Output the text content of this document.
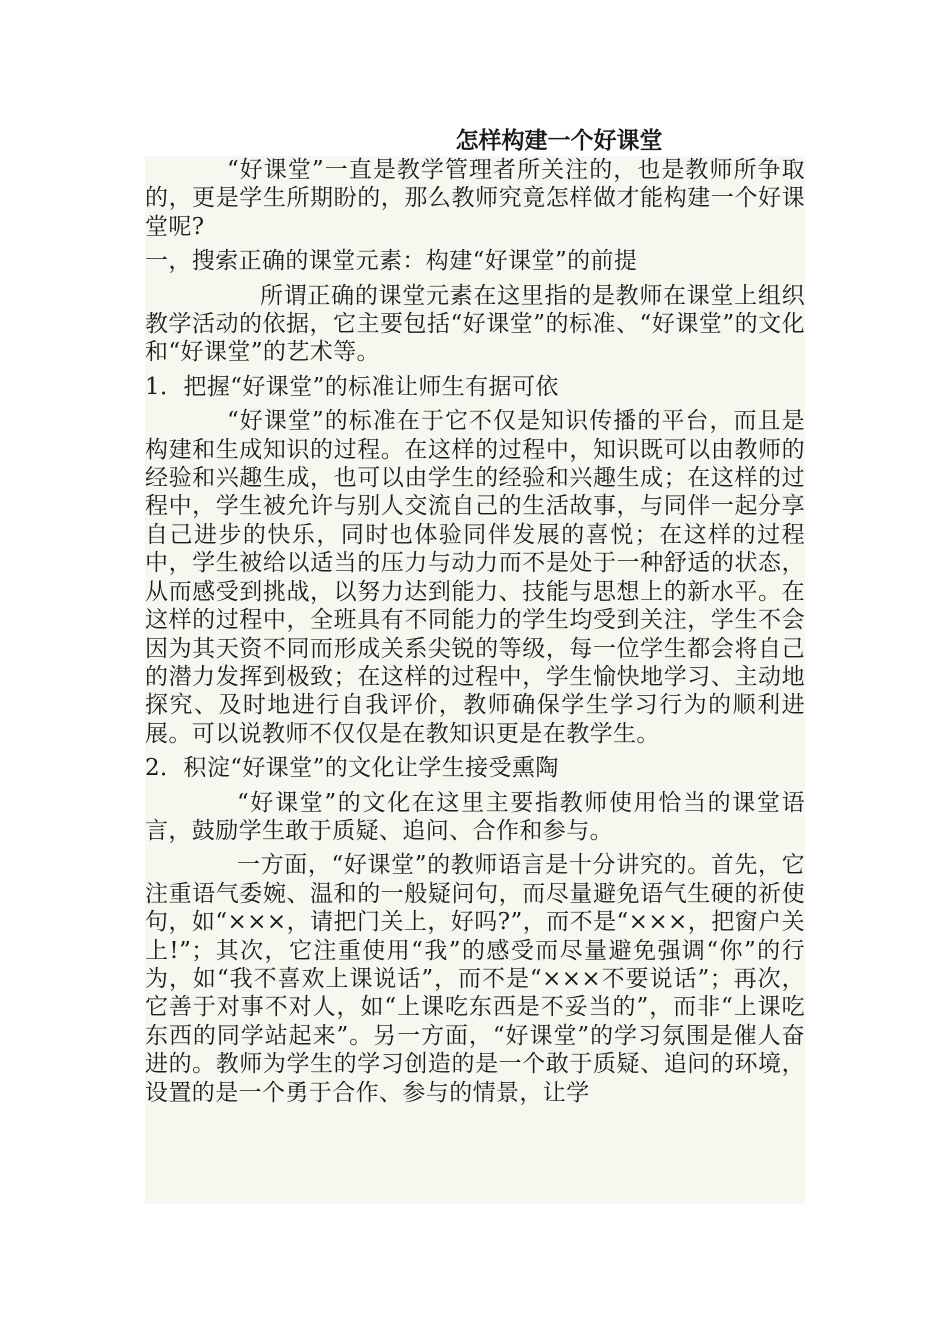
怎样构建一个好课堂

“好课堂”一直是教学管理者所关注的，也是教师所争取的，更是学生所期盼的，那么教师究竟怎样做才能构建一个好课堂呢?

一，搜索正确的课堂元素：构建“好课堂”的前提

所谓正确的课堂元素在这里指的是教师在课堂上组织教学活动的依据，它主要包括“好课堂”的标准、“好课堂”的文化和“好课堂”的艺术等。

1．把握“好课堂”的标准让师生有据可依

“好课堂”的标准在于它不仅是知识传播的平台，而且是构建和生成知识的过程。在这样的过程中，知识既可以由教师的经验和兴趣生成，也可以由学生的经验和兴趣生成；在这样的过程中，学生被允许与别人交流自己的生活故事，与同伴一起分享自己进步的快乐，同时也体验同伴发展的喜悦；在这样的过程中，学生被给以适当的压力与动力而不是处于一种舒适的状态，从而感受到挑战，以努力达到能力、技能与思想上的新水平。在这样的过程中，全班具有不同能力的学生均受到关注，学生不会因为其天资不同而形成关系尖锐的等级，每一位学生都会将自己的潜力发挥到极致；在这样的过程中，学生愉快地学习、主动地探究、及时地进行自我评价，教师确保学生学习行为的顺利进展。可以说教师不仅仅是在教知识更是在教学生。

2．积淀“好课堂”的文化让学生接受熏陶

“好课堂”的文化在这里主要指教师使用恰当的课堂语言，鼓励学生敢于质疑、追问、合作和参与。

一方面，“好课堂”的教师语言是十分讲究的。首先，它注重语气委婉、温和的一般疑问句，而尽量避免语气生硬的祈使句，如“×××，请把门关上，好吗?”，而不是“×××，把窗户关上!”；其次，它注重使用“我”的感受而尽量避免强调“你”的行为，如“我不喜欢上课说话”，而不是“×××不要说话”；再次，它善于对事不对人，如“上课吃东西是不妥当的”，而非“上课吃东西的同学站起来”。另一方面，“好课堂”的学习氛围是催人奋进的。教师为学生的学习创造的是一个敢于质疑、追问的环境，设置的是一个勇于合作、参与的情景，让学
